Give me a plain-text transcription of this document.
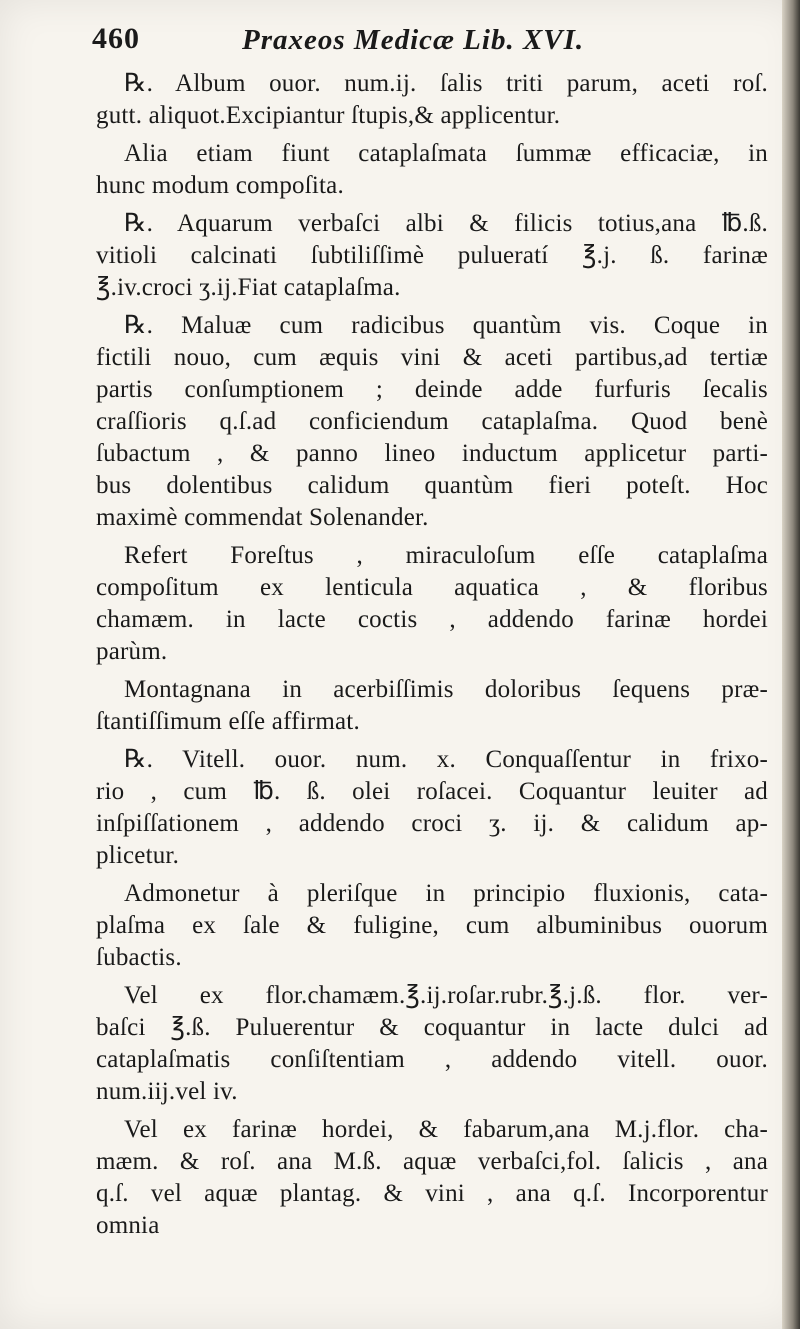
460	Praxeos Medicæ Lib. XVI.
℞. Album ouor. num.ij. ſalis triti parum, aceti roſ.
gutt. aliquot.Excipiantur ſtupis,& applicentur.
Alia etiam fiunt cataplaſmata ſummæ efficaciæ, in
hunc modum compoſita.
℞. Aquarum verbaſci albi & filicis totius,ana ℔.ß.
vitioli calcinati ſubtiliſſimè pulueratí ℥.j. ß. farinæ
℥.iv.croci ʒ.ij.Fiat cataplaſma.
℞. Maluæ cum radicibus quantùm vis. Coque in
fictili nouo, cum æquis vini & aceti partibus,ad tertiæ
partis conſumptionem ; deinde adde furfuris ſecalis
craſſioris q.ſ.ad conficiendum cataplaſma. Quod benè
ſubactum , & panno lineo inductum applicetur parti-
bus dolentibus calidum quantùm fieri poteſt. Hoc
maximè commendat Solenander.
Refert Foreſtus , miraculoſum eſſe cataplaſma
compoſitum ex lenticula aquatica , & floribus
chamæm. in lacte coctis , addendo farinæ hordei
parùm.
Montagnana in acerbiſſimis doloribus ſequens præ-
ſtantiſſimum eſſe affirmat.
℞. Vitell. ouor. num. x. Conquaſſentur in frixo-
rio , cum ℔. ß. olei roſacei. Coquantur leuiter ad
inſpiſſationem , addendo croci ʒ. ij. & calidum ap-
plicetur.
Admonetur à pleriſque in principio fluxionis, cata-
plaſma ex ſale & fuligine, cum albuminibus ouorum
ſubactis.
Vel ex flor.chamæm.℥.ij.roſar.rubr.℥.j.ß. flor. ver-
baſci ℥.ß. Puluerentur & coquantur in lacte dulci ad
cataplaſmatis conſiſtentiam , addendo vitell. ouor.
num.iij.vel iv.
Vel ex farinæ hordei, & fabarum,ana M.j.flor. cha-
mæm. & roſ. ana M.ß. aquæ verbaſci,fol. ſalicis , ana
q.ſ. vel aquæ plantag. & vini , ana q.ſ. Incorporentur
omnia
